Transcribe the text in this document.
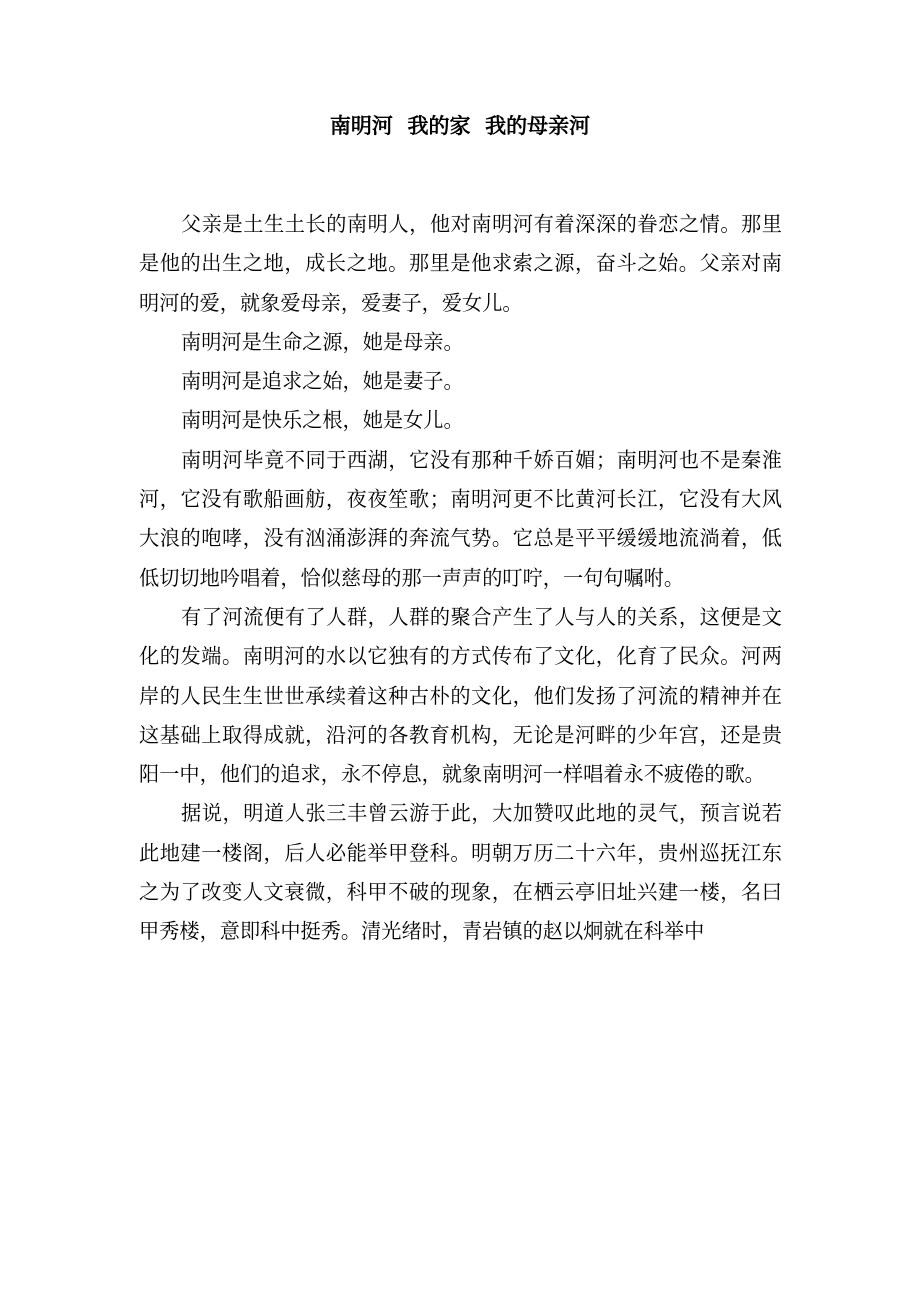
南明河  我的家  我的母亲河

父亲是土生土长的南明人，他对南明河有着深深的眷恋之情。那里是他的出生之地，成长之地。那里是他求索之源，奋斗之始。父亲对南明河的爱，就象爱母亲，爱妻子，爱女儿。

南明河是生命之源，她是母亲。

南明河是追求之始，她是妻子。

南明河是快乐之根，她是女儿。

南明河毕竟不同于西湖，它没有那种千娇百媚；南明河也不是秦淮河，它没有歌船画舫，夜夜笙歌；南明河更不比黄河长江，它没有大风大浪的咆哮，没有汹涌澎湃的奔流气势。它总是平平缓缓地流淌着，低低切切地吟唱着，恰似慈母的那一声声的叮咛，一句句嘱咐。

有了河流便有了人群，人群的聚合产生了人与人的关系，这便是文化的发端。南明河的水以它独有的方式传布了文化，化育了民众。河两岸的人民生生世世承续着这种古朴的文化，他们发扬了河流的精神并在这基础上取得成就，沿河的各教育机构，无论是河畔的少年宫，还是贵阳一中，他们的追求，永不停息，就象南明河一样唱着永不疲倦的歌。

据说，明道人张三丰曾云游于此，大加赞叹此地的灵气，预言说若此地建一楼阁，后人必能举甲登科。明朝万历二十六年，贵州巡抚江东之为了改变人文衰微，科甲不破的现象，在栖云亭旧址兴建一楼，名曰甲秀楼，意即科中挺秀。清光绪时，青岩镇的赵以炯就在科举中
